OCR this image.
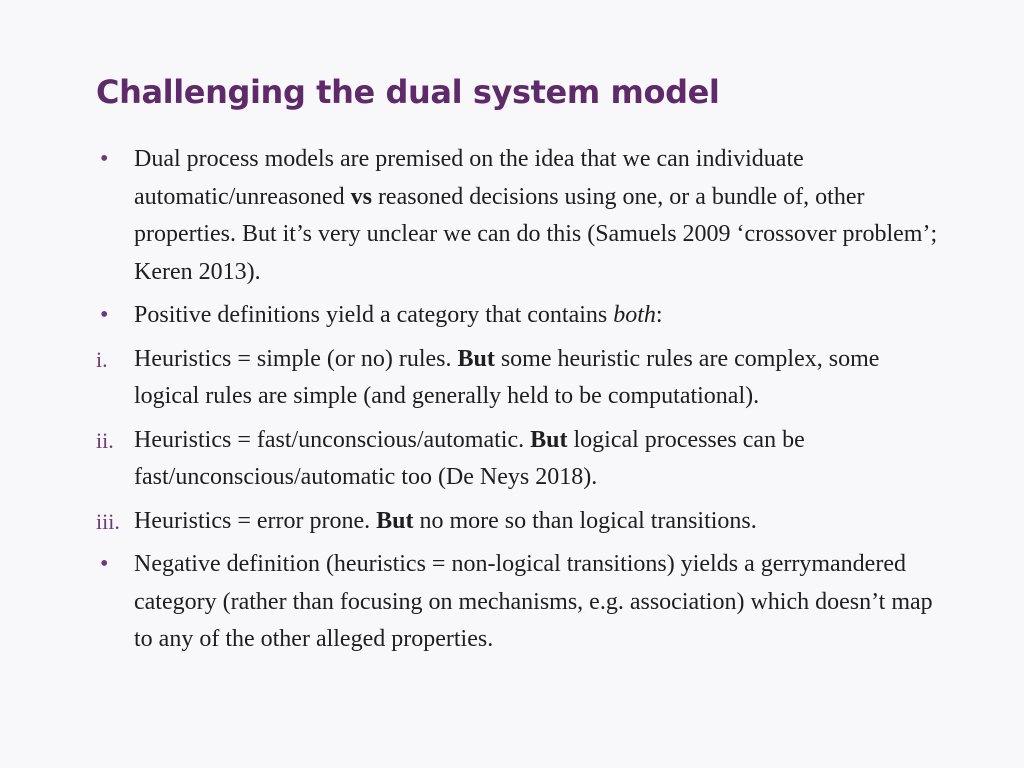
Challenging the dual system model
• Dual process models are premised on the idea that we can individuate automatic/unreasoned vs reasoned decisions using one, or a bundle of, other properties. But it’s very unclear we can do this (Samuels 2009 ‘crossover problem’; Keren 2013).
• Positive definitions yield a category that contains both:
i. Heuristics = simple (or no) rules. But some heuristic rules are complex, some logical rules are simple (and generally held to be computational).
ii. Heuristics = fast/unconscious/automatic. But logical processes can be fast/unconscious/automatic too (De Neys 2018).
iii. Heuristics = error prone. But no more so than logical transitions.
• Negative definition (heuristics = non-logical transitions) yields a gerrymandered category (rather than focusing on mechanisms, e.g. association) which doesn’t map to any of the other alleged properties.
